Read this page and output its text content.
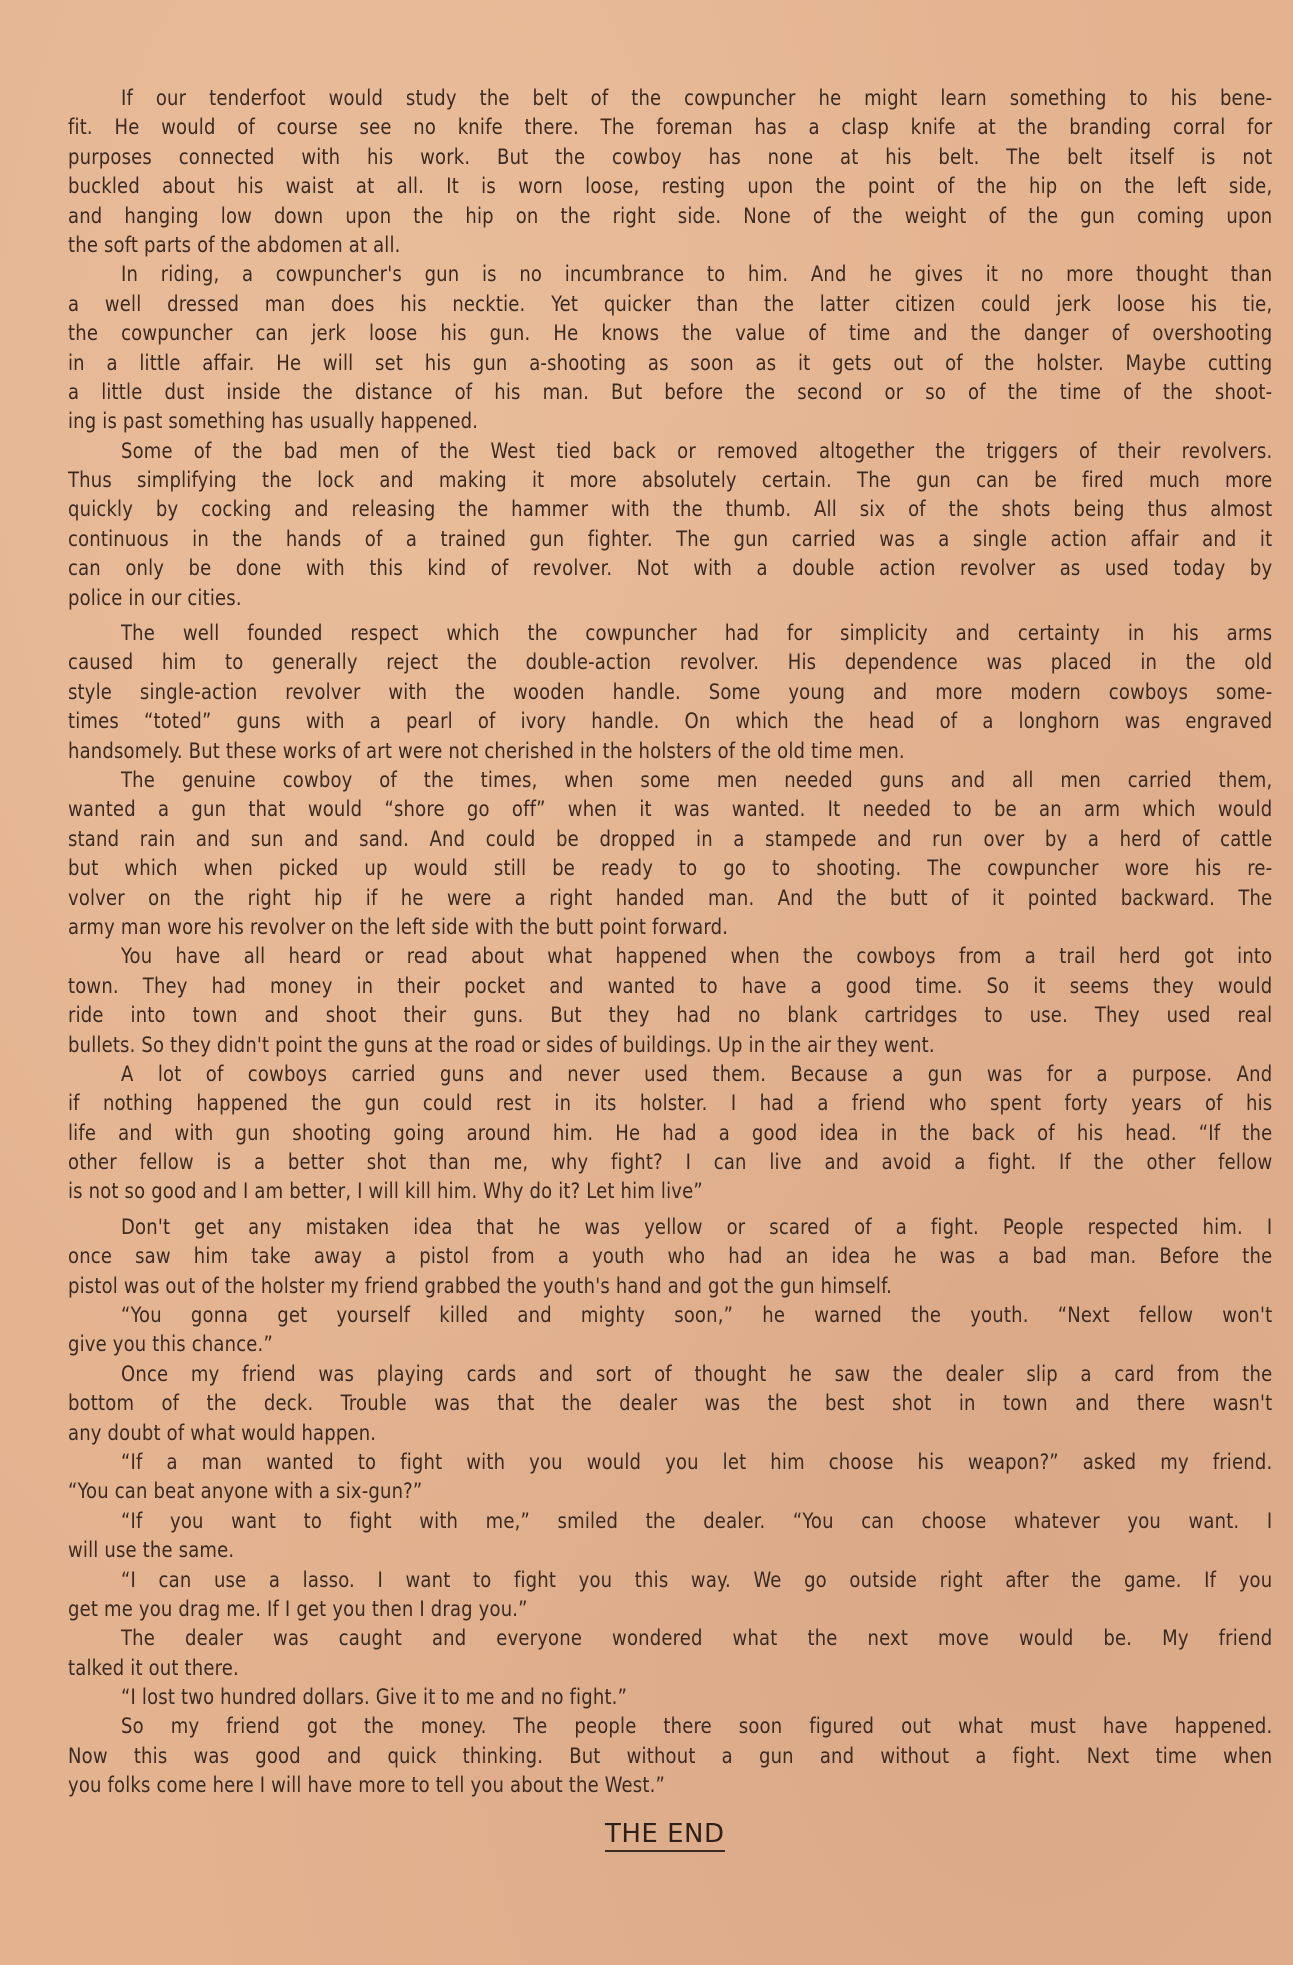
If our tenderfoot would study the belt of the cowpuncher he might learn something to his bene-
fit. He would of course see no knife there. The foreman has a clasp knife at the branding corral for
purposes connected with his work. But the cowboy has none at his belt. The belt itself is not
buckled about his waist at all. It is worn loose, resting upon the point of the hip on the left side,
and hanging low down upon the hip on the right side. None of the weight of the gun coming upon
the soft parts of the abdomen at all.
In riding, a cowpuncher's gun is no incumbrance to him. And he gives it no more thought than
a well dressed man does his necktie. Yet quicker than the latter citizen could jerk loose his tie,
the cowpuncher can jerk loose his gun. He knows the value of time and the danger of overshooting
in a little affair. He will set his gun a-shooting as soon as it gets out of the holster. Maybe cutting
a little dust inside the distance of his man. But before the second or so of the time of the shoot-
ing is past something has usually happened.
Some of the bad men of the West tied back or removed altogether the triggers of their revolvers.
Thus simplifying the lock and making it more absolutely certain. The gun can be fired much more
quickly by cocking and releasing the hammer with the thumb. All six of the shots being thus almost
continuous in the hands of a trained gun fighter. The gun carried was a single action affair and it
can only be done with this kind of revolver. Not with a double action revolver as used today by
police in our cities.
The well founded respect which the cowpuncher had for simplicity and certainty in his arms
caused him to generally reject the double-action revolver. His dependence was placed in the old
style single-action revolver with the wooden handle. Some young and more modern cowboys some-
times “toted” guns with a pearl of ivory handle. On which the head of a longhorn was engraved
handsomely. But these works of art were not cherished in the holsters of the old time men.
The genuine cowboy of the times, when some men needed guns and all men carried them,
wanted a gun that would “shore go off” when it was wanted. It needed to be an arm which would
stand rain and sun and sand. And could be dropped in a stampede and run over by a herd of cattle
but which when picked up would still be ready to go to shooting. The cowpuncher wore his re-
volver on the right hip if he were a right handed man. And the butt of it pointed backward. The
army man wore his revolver on the left side with the butt point forward.
You have all heard or read about what happened when the cowboys from a trail herd got into
town. They had money in their pocket and wanted to have a good time. So it seems they would
ride into town and shoot their guns. But they had no blank cartridges to use. They used real
bullets. So they didn't point the guns at the road or sides of buildings. Up in the air they went.
A lot of cowboys carried guns and never used them. Because a gun was for a purpose. And
if nothing happened the gun could rest in its holster. I had a friend who spent forty years of his
life and with gun shooting going around him. He had a good idea in the back of his head. “If the
other fellow is a better shot than me, why fight? I can live and avoid a fight. If the other fellow
is not so good and I am better, I will kill him. Why do it? Let him live”
Don't get any mistaken idea that he was yellow or scared of a fight. People respected him. I
once saw him take away a pistol from a youth who had an idea he was a bad man. Before the
pistol was out of the holster my friend grabbed the youth's hand and got the gun himself.
“You gonna get yourself killed and mighty soon,” he warned the youth. “Next fellow won't
give you this chance.”
Once my friend was playing cards and sort of thought he saw the dealer slip a card from the
bottom of the deck. Trouble was that the dealer was the best shot in town and there wasn't
any doubt of what would happen.
“If a man wanted to fight with you would you let him choose his weapon?” asked my friend.
“You can beat anyone with a six-gun?”
“If you want to fight with me,” smiled the dealer. “You can choose whatever you want. I
will use the same.
“I can use a lasso. I want to fight you this way. We go outside right after the game. If you
get me you drag me. If I get you then I drag you.”
The dealer was caught and everyone wondered what the next move would be. My friend
talked it out there.
“I lost two hundred dollars. Give it to me and no fight.”
So my friend got the money. The people there soon figured out what must have happened.
Now this was good and quick thinking. But without a gun and without a fight. Next time when
you folks come here I will have more to tell you about the West.”
THE END
